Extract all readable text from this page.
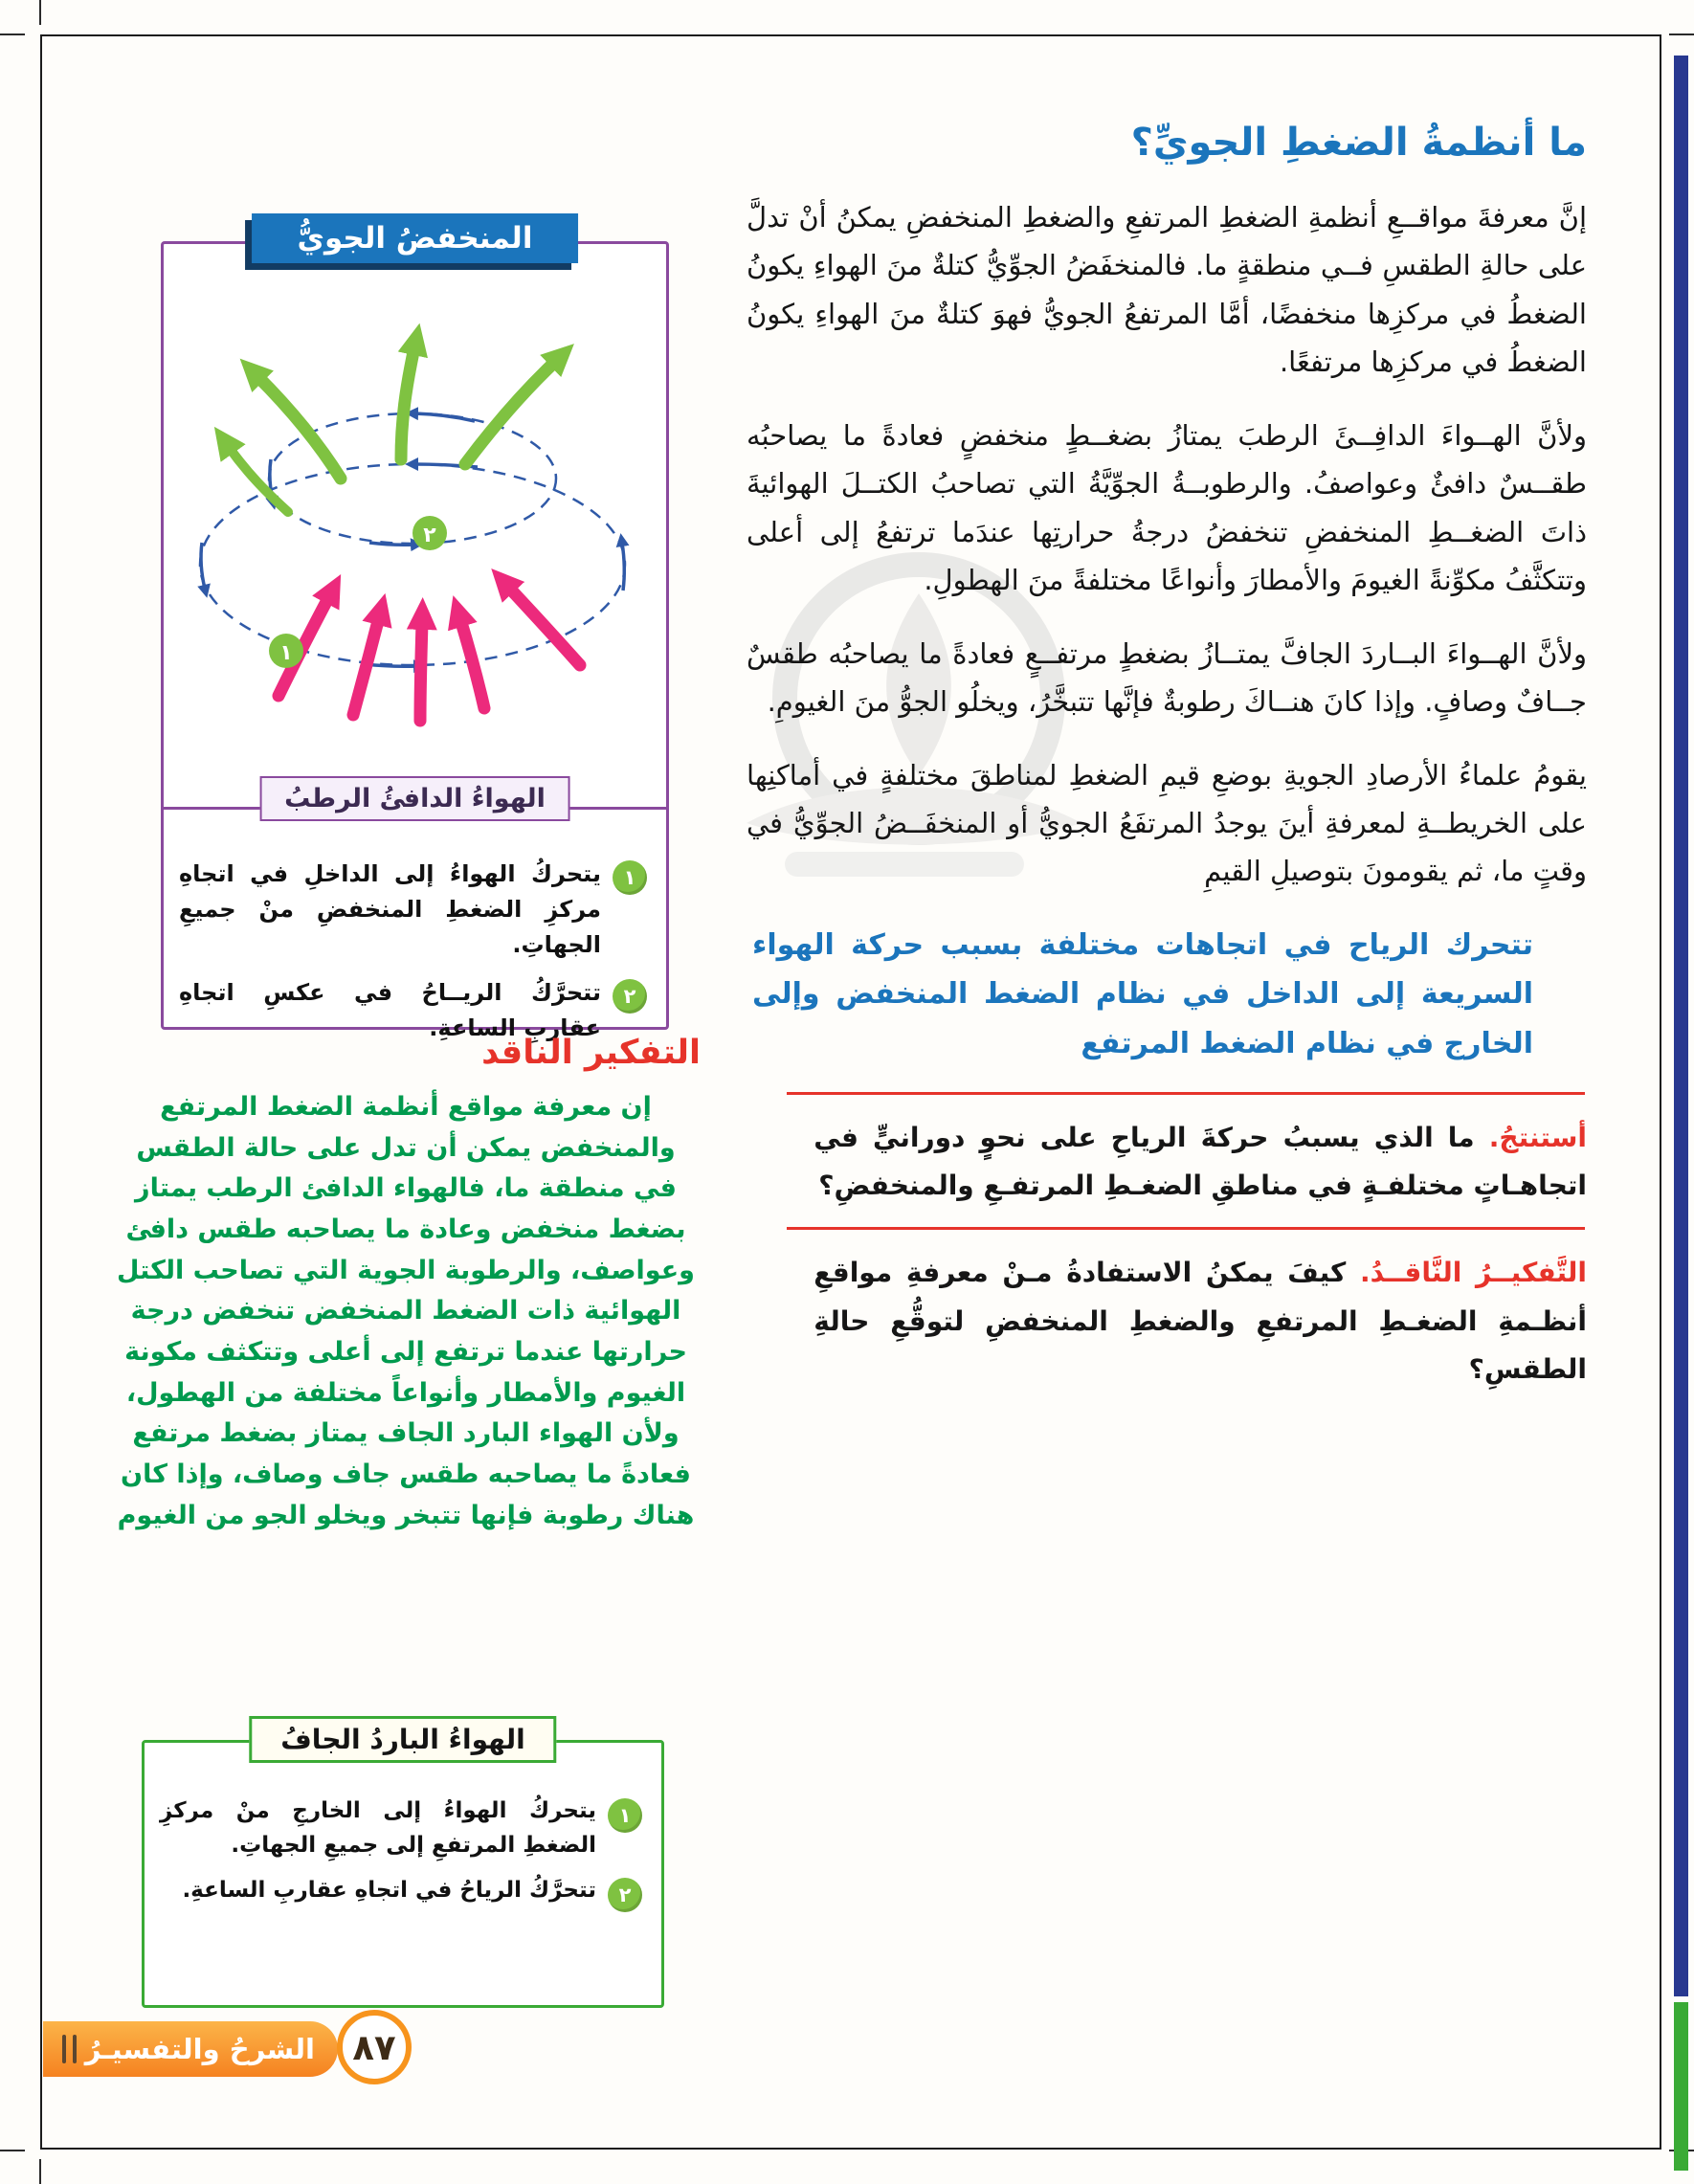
ما أنظمةُ الضغطِ الجويِّ؟

إنَّ معرفةَ مواقــعِ أنظمةِ الضغطِ المرتفعِ والضغطِ المنخفضِ يمكنُ أنْ تدلَّ على حالةِ الطقسِ فــي منطقةٍ ما. فالمنخفَضُ الجوِّيُّ كتلةٌ منَ الهواءِ يكونُ الضغطُ في مركزِها منخفضًا، أمَّا المرتفعُ الجويُّ فهوَ كتلةٌ منَ الهواءِ يكونُ الضغطُ في مركزِها مرتفعًا.

ولأنَّ الهــواءَ الدافِــئَ الرطبَ يمتازُ بضغــطٍ منخفضٍ فعادةً ما يصاحبُه طقــسٌ دافئٌ وعواصفُ. والرطوبــةُ الجوِّيَّةُ التي تصاحبُ الكتــلَ الهوائيةَ ذاتَ الضغــطِ المنخفضِ تنخفضُ درجةُ حرارتِها عندَما ترتفعُ إلى أعلى وتتكثَّفُ مكوِّنةً الغيومَ والأمطارَ وأنواعًا مختلفةً منَ الهطولِ.

ولأنَّ الهــواءَ البــاردَ الجافَّ يمتــازُ بضغطٍ مرتفــعٍ فعادةً ما يصاحبُه طقسٌ جــافٌ وصافٍ. وإذا كانَ هنــاكَ رطوبةٌ فإنَّها تتبخَّرُ، ويخلُو الجوُّ منَ الغيومِ.

يقومُ علماءُ الأرصادِ الجويةِ بوضعِ قيمِ الضغطِ لمناطقَ مختلفةٍ في أماكنِها على الخريطــةِ لمعرفةِ أينَ يوجدُ المرتفَعُ الجويُّ أو المنخفَــضُ الجوِّيُّ في وقتٍ ما، ثم يقومونَ بتوصيلِ القيمِ

تتحرك الرياح في اتجاهات مختلفة بسبب حركة الهواء السريعة إلى الداخل في نظام الضغط المنخفض وإلى الخارج في نظام الضغط المرتفع

أستنتجُ. ما الذي يسببُ حركةَ الرياحِ على نحوٍ دورانيٍّ في اتجاهـاتٍ مختلفـةٍ في مناطقِ الضغـطِ المرتفـعِ والمنخفضِ؟

التَّفكيــرُ النَّاقــدُ. كيفَ يمكنُ الاستفادةُ مـنْ معرفةِ مواقعِ أنظـمةِ الضغـطِ المرتفعِ والضغطِ المنخفضِ لتوقُّعِ حالةِ الطقسِ؟

المنخفضُ الجويُّ
٢
١
الهواءُ الدافئُ الرطبُ
١

يتحركُ الهواءُ إلى الداخلِ في اتجاهِ مركزِ الضغطِ المنخفضِ منْ جميعِ الجهاتِ.

٢

تتحرَّكُ الريــاحُ في عكسِ اتجاهِ عقاربِ الساعةِ.

التفكير الناقد

إن معرفة مواقع أنظمة الضغط المرتفع والمنخفض يمكن أن تدل على حالة الطقس في منطقة ما، فالهواء الدافئ الرطب يمتاز بضغط منخفض وعادة ما يصاحبه طقس دافئ وعواصف، والرطوبة الجوية التي تصاحب الكتل الهوائية ذات الضغط المنخفض تنخفض درجة حرارتها عندما ترتفع إلى أعلى وتتكثف مكونة الغيوم والأمطار وأنواعاً مختلفة من الهطول، ولأن الهواء البارد الجاف يمتاز بضغط مرتفع فعادةً ما يصاحبه طقس جاف وصاف، وإذا كان هناك رطوبة فإنها تتبخر ويخلو الجو من الغيوم

الهواءُ الباردُ الجافُ
١

يتحركُ الهواءُ إلى الخارجِ منْ مركزِ الضغطِ المرتفعِ إلى جميعِ الجهاتِ.

٢

تتحرَّكُ الرياحُ في اتجاهِ عقاربِ الساعةِ.

الشرحُ والتفسيـرُ	٨٧
